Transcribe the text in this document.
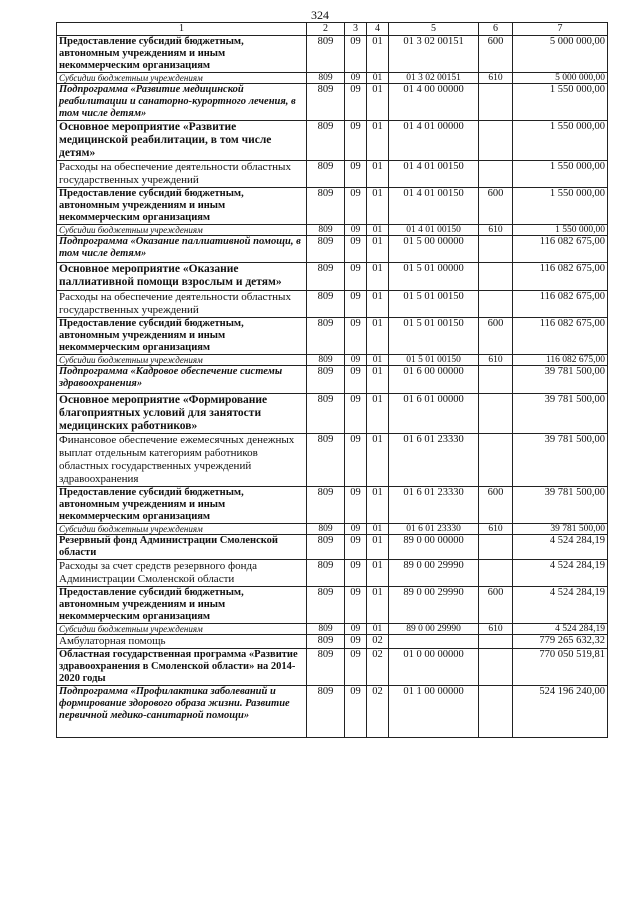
324
1	2	3	4	5	6	7
Предоставление субсидий бюджетным, автономным учреждениям и иным некоммерческим организациям	809	09	01	01 3 02 00151	600	5 000 000,00
Субсидии бюджетным учреждениям	809	09	01	01 3 02 00151	610	5 000 000,00
Подпрограмма «Развитие медицинской реабилитации и санаторно-курортного лечения, в том числе детям»	809	09	01	01 4 00 00000		1 550 000,00
Основное мероприятие «Развитие медицинской реабилитации, в том числе детям»	809	09	01	01 4 01 00000		1 550 000,00
Расходы на обеспечение деятельности областных государственных учреждений	809	09	01	01 4 01 00150		1 550 000,00
Предоставление субсидий бюджетным, автономным учреждениям и иным некоммерческим организациям	809	09	01	01 4 01 00150	600	1 550 000,00
Субсидии бюджетным учреждениям	809	09	01	01 4 01 00150	610	1 550 000,00
Подпрограмма «Оказание паллиативной помощи, в том числе детям»	809	09	01	01 5 00 00000		116 082 675,00
Основное мероприятие «Оказание паллиативной помощи взрослым и детям»	809	09	01	01 5 01 00000		116 082 675,00
Расходы на обеспечение деятельности областных государственных учреждений	809	09	01	01 5 01 00150		116 082 675,00
Предоставление субсидий бюджетным, автономным учреждениям и иным некоммерческим организациям	809	09	01	01 5 01 00150	600	116 082 675,00
Субсидии бюджетным учреждениям	809	09	01	01 5 01 00150	610	116 082 675,00
Подпрограмма «Кадровое обеспечение системы здравоохранения»	809	09	01	01 6 00 00000		39 781 500,00
Основное мероприятие «Формирование благоприятных условий для занятости медицинских работников»	809	09	01	01 6 01 00000		39 781 500,00
Финансовое обеспечение ежемесячных денежных выплат отдельным категориям работников областных государственных учреждений здравоохранения	809	09	01	01 6 01 23330		39 781 500,00
Предоставление субсидий бюджетным, автономным учреждениям и иным некоммерческим организациям	809	09	01	01 6 01 23330	600	39 781 500,00
Субсидии бюджетным учреждениям	809	09	01	01 6 01 23330	610	39 781 500,00
Резервный фонд Администрации Смоленской области	809	09	01	89 0 00 00000		4 524 284,19
Расходы за счет средств резервного фонда Администрации Смоленской области	809	09	01	89 0 00 29990		4 524 284,19
Предоставление субсидий бюджетным, автономным учреждениям и иным некоммерческим организациям	809	09	01	89 0 00 29990	600	4 524 284,19
Субсидии бюджетным учреждениям	809	09	01	89 0 00 29990	610	4 524 284,19
Амбулаторная помощь	809	09	02			779 265 632,32
Областная государственная программа «Развитие здравоохранения в Смоленской области» на 2014-2020 годы	809	09	02	01 0 00 00000		770 050 519,81
Подпрограмма «Профилактика заболеваний и формирование здорового образа жизни. Развитие первичной медико-санитарной помощи»	809	09	02	01 1 00 00000		524 196 240,00
